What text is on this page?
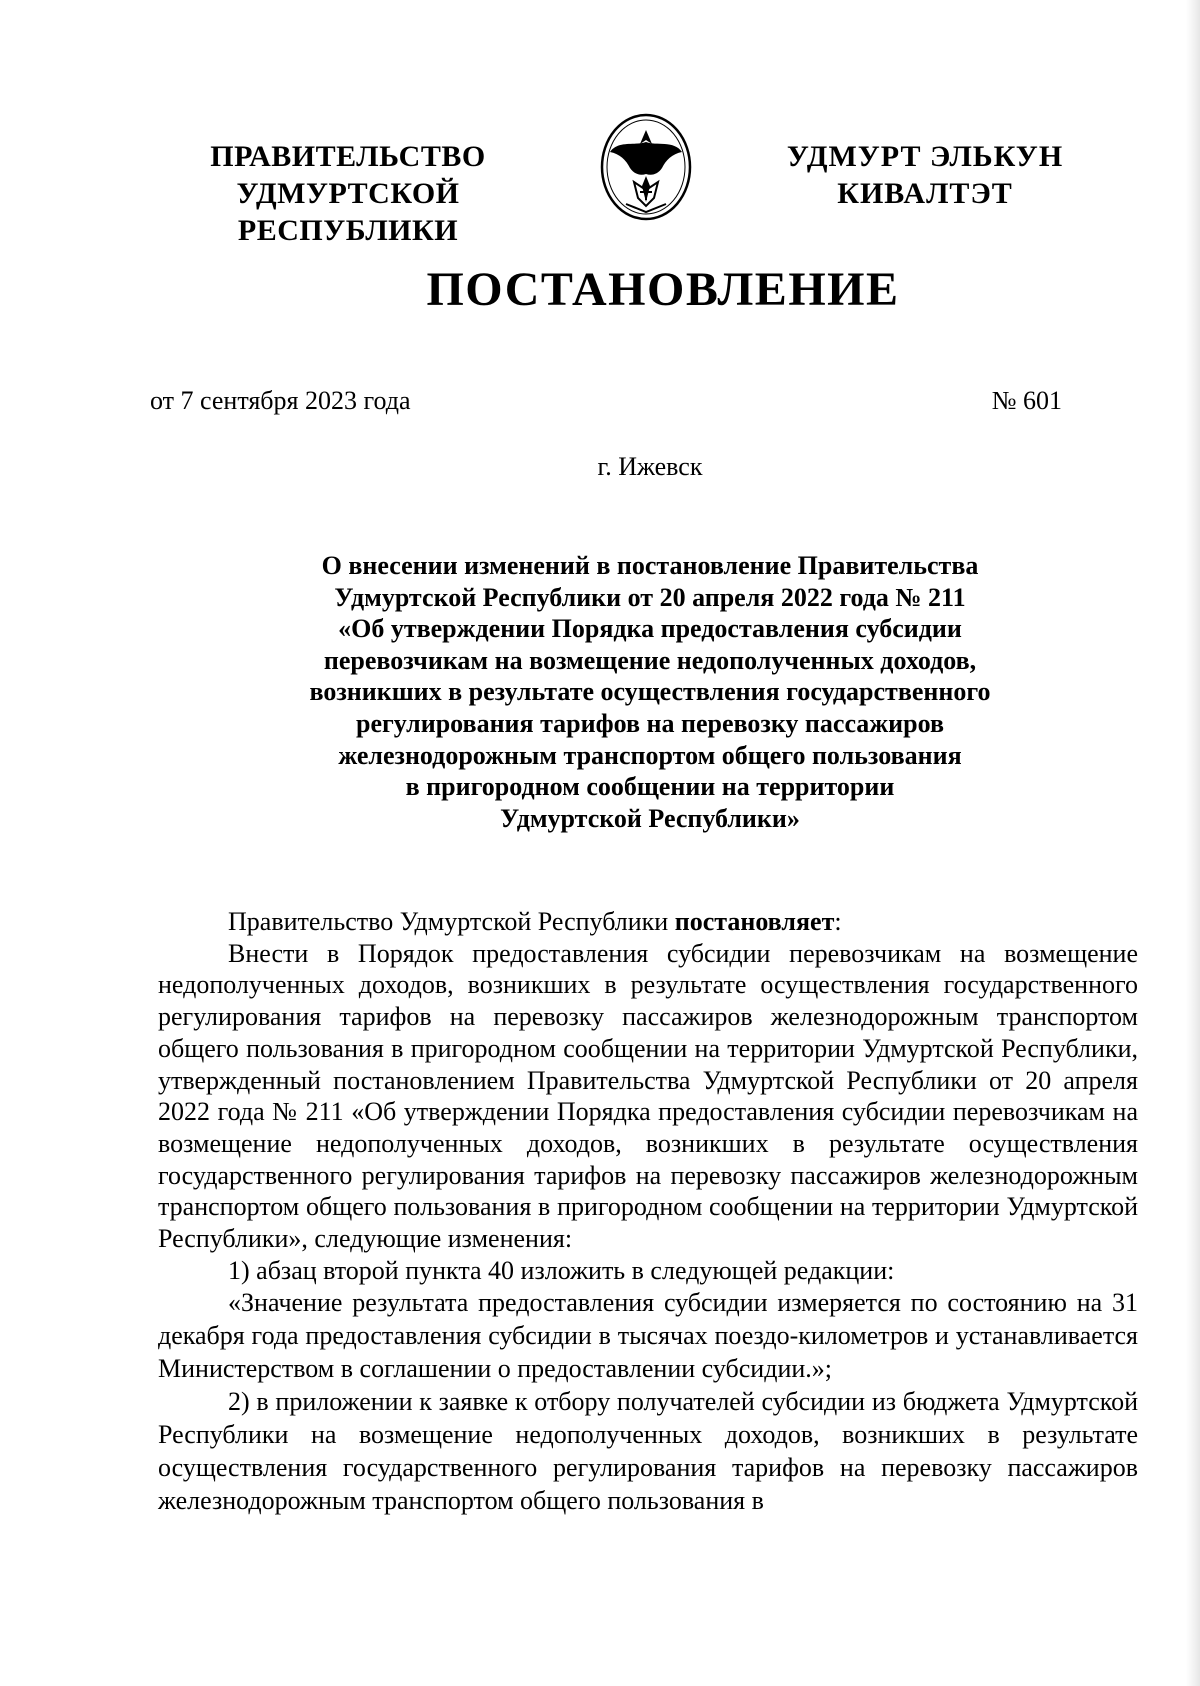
ПРАВИТЕЛЬСТВО
УДМУРТСКОЙ РЕСПУБЛИКИ
УДМУРТ ЭЛЬКУН
КИВАЛТЭТ
ПОСТАНОВЛЕНИЕ
от 7 сентября 2023 года	№ 601
г. Ижевск
О внесении изменений в постановление Правительства
Удмуртской Республики от 20 апреля 2022 года № 211
«Об утверждении Порядка предоставления субсидии
перевозчикам на возмещение недополученных доходов,
возникших в результате осуществления государственного
регулирования тарифов на перевозку пассажиров
железнодорожным транспортом общего пользования
в пригородном сообщении на территории
Удмуртской Республики»

Правительство Удмуртской Республики постановляет:

Внести в Порядок предоставления субсидии перевозчикам на возмещение недополученных доходов, возникших в результате осуществления государственного регулирования тарифов на перевозку пассажиров железнодорожным транспортом общего пользования в пригородном сообщении на территории Удмуртской Республики, утвержденный постановлением Правительства Удмуртской Республики от 20 апреля 2022 года № 211 «Об утверждении Порядка предоставления субсидии перевозчикам на возмещение недополученных доходов, возникших в результате осуществления государственного регулирования тарифов на перевозку пассажиров железнодорожным транспортом общего пользования в пригородном сообщении на территории Удмуртской Республики», следующие изменения:

1) абзац второй пункта 40 изложить в следующей редакции:

«Значение результата предоставления субсидии измеряется по состоянию на 31 декабря года предоставления субсидии в тысячах поездо-километров и устанавливается Министерством в соглашении о предоставлении субсидии.»;

2) в приложении к заявке к отбору получателей субсидии из бюджета Удмуртской Республики на возмещение недополученных доходов, возникших в результате осуществления государственного регулирования тарифов на перевозку пассажиров железнодорожным транспортом общего пользования в
